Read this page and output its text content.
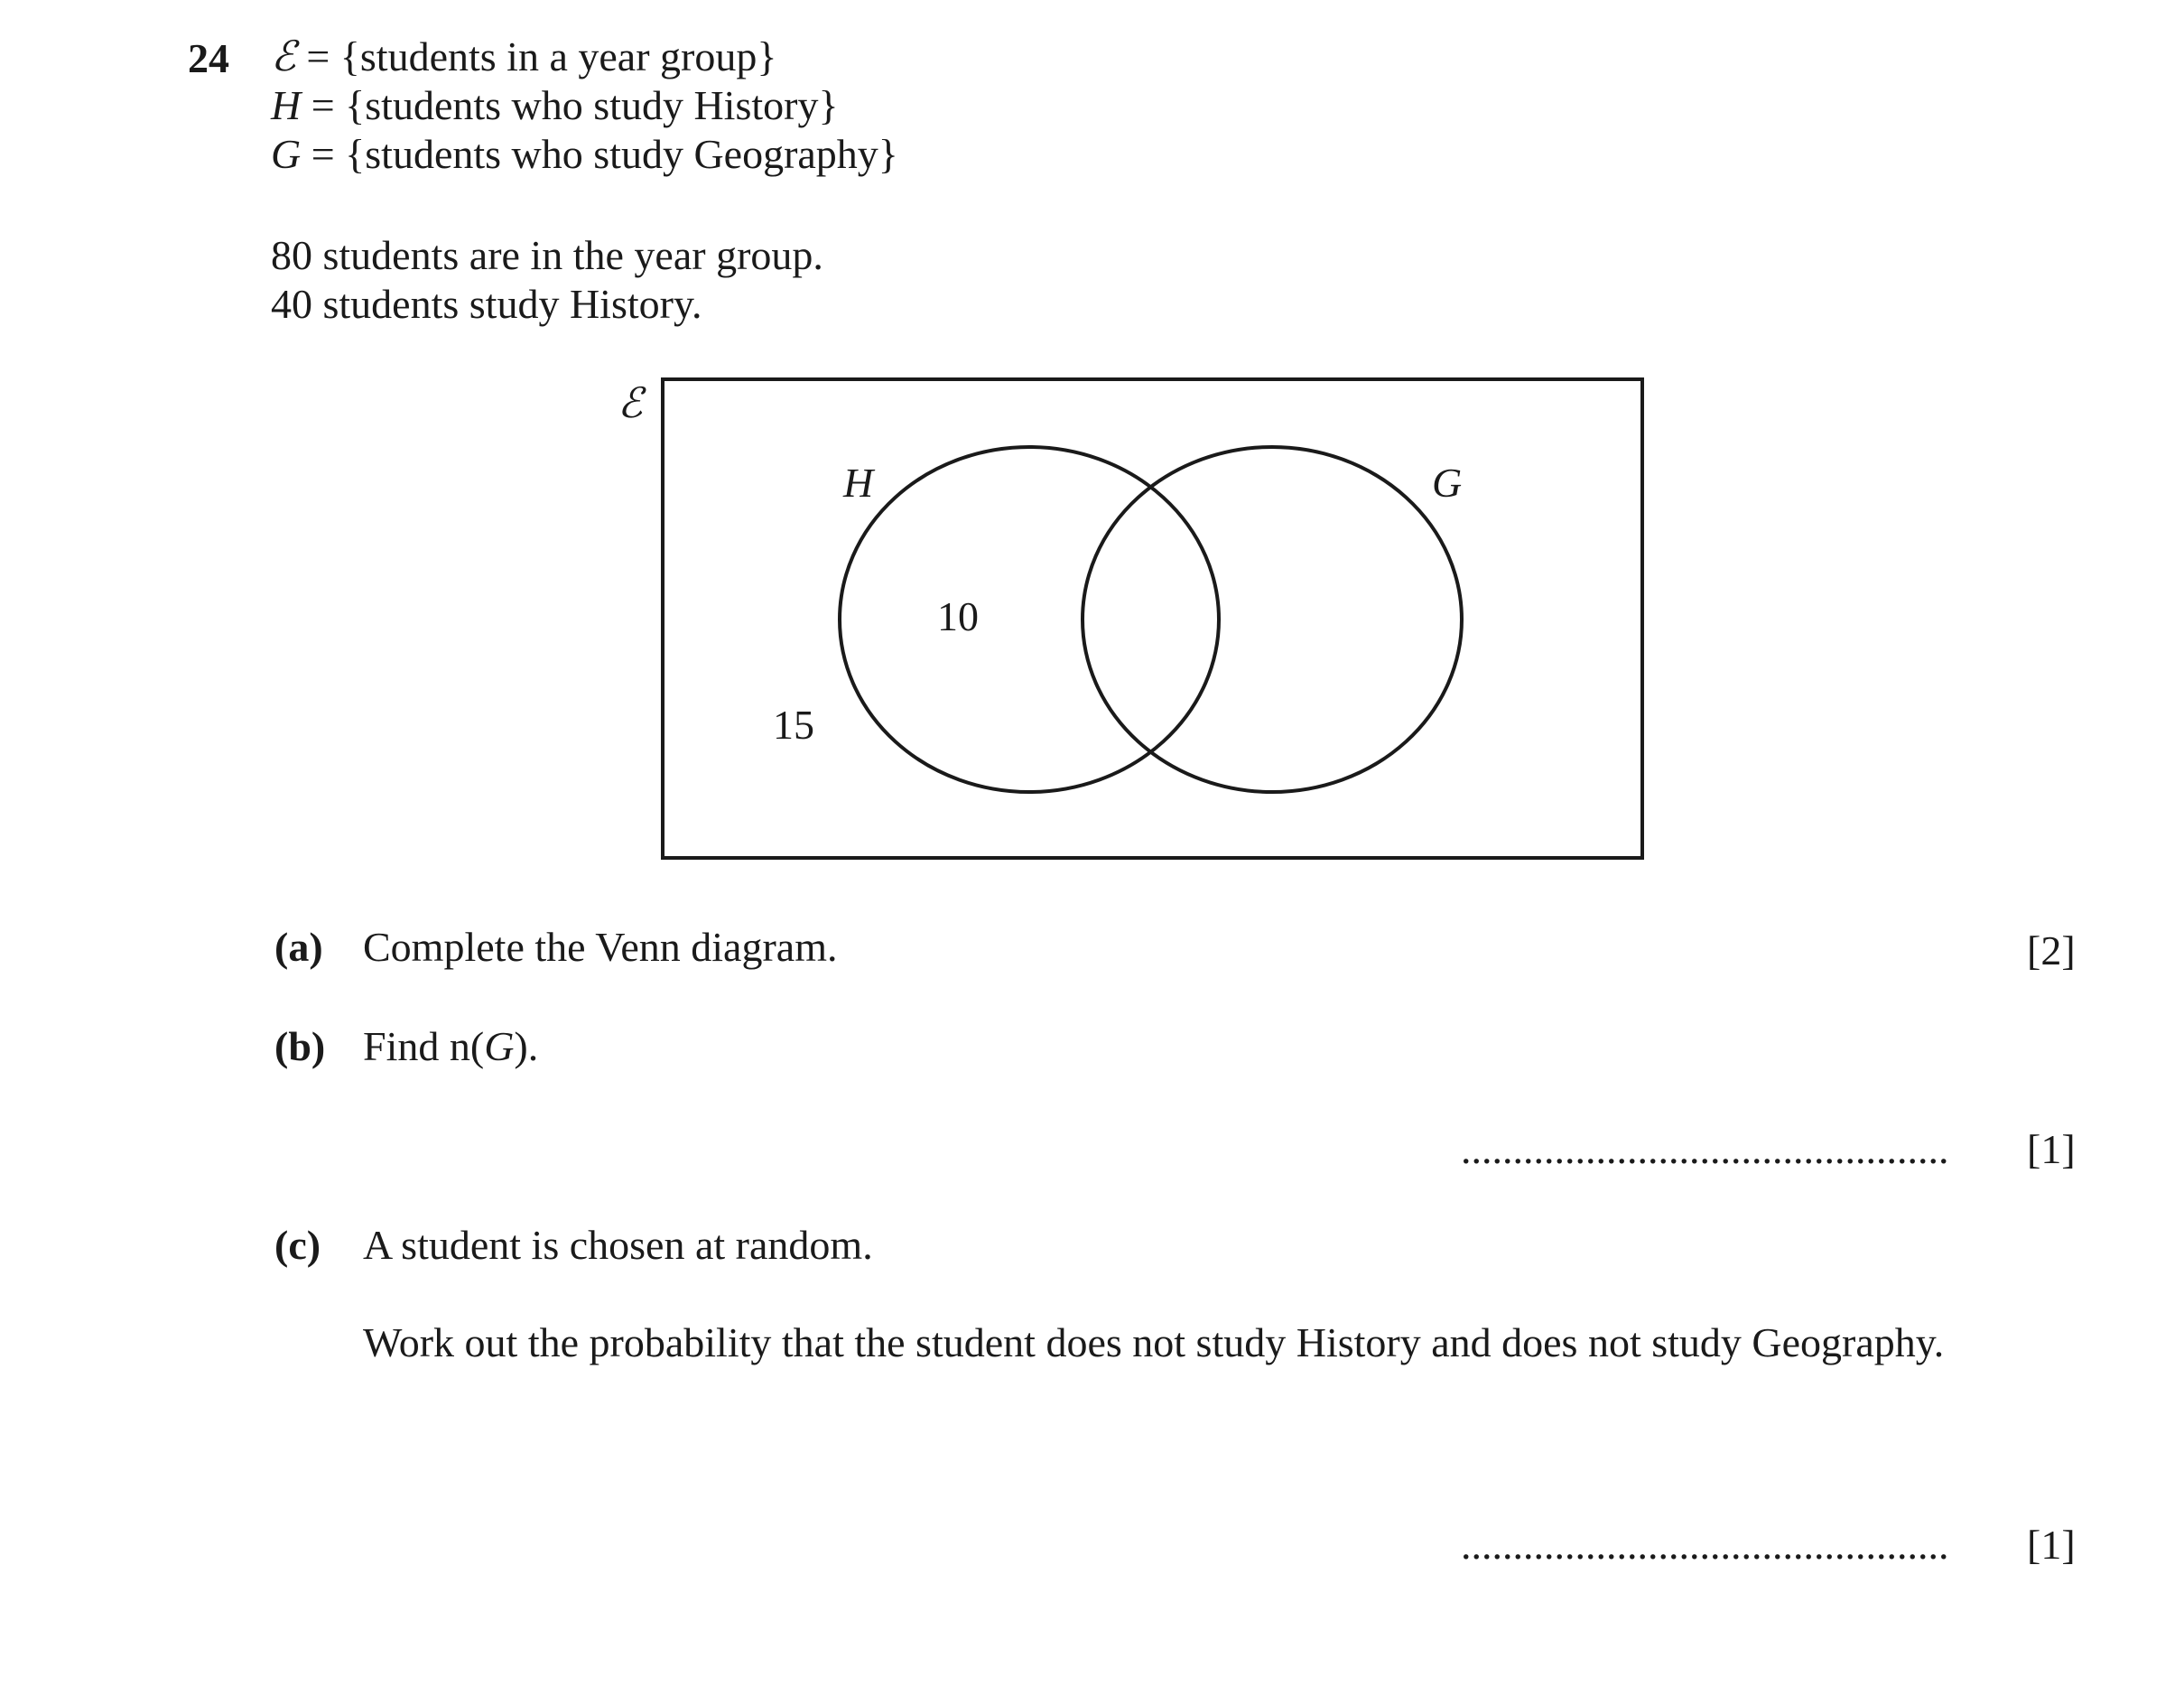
24 ℰ = {students in a year group}
H = {students who study History}
G = {students who study Geography}
80 students are in the year group.
40 students study History.
ℰ
H	G
10
15
(a) Complete the Venn diagram.	[2]
(b) Find n(G).
............................................... [1]
(c) A student is chosen at random.
Work out the probability that the student does not study History and does not study Geography.
............................................... [1]
